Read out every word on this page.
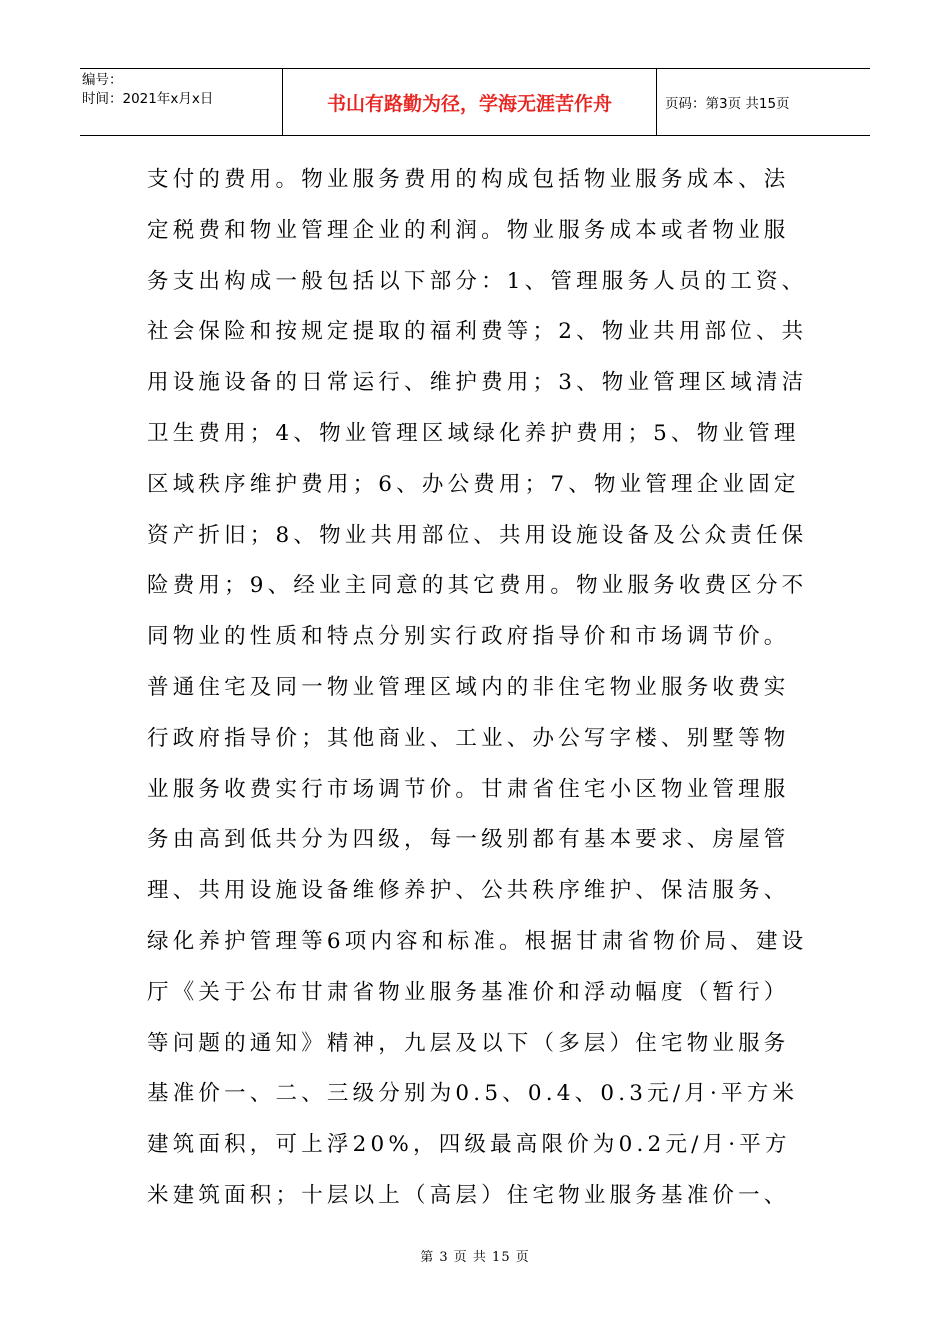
编号：
时间：2021年x月x日	书山有路勤为径，学海无涯苦作舟	页码：第3页 共15页
支付的费用。物业服务费用的构成包括物业服务成本、法
定税费和物业管理企业的利润。物业服务成本或者物业服
务支出构成一般包括以下部分：1、管理服务人员的工资、
社会保险和按规定提取的福利费等；2、物业共用部位、共
用设施设备的日常运行、维护费用；3、物业管理区域清洁
卫生费用；4、物业管理区域绿化养护费用；5、物业管理
区域秩序维护费用；6、办公费用；7、物业管理企业固定
资产折旧；8、物业共用部位、共用设施设备及公众责任保
险费用；9、经业主同意的其它费用。物业服务收费区分不
同物业的性质和特点分别实行政府指导价和市场调节价。
普通住宅及同一物业管理区域内的非住宅物业服务收费实
行政府指导价；其他商业、工业、办公写字楼、别墅等物
业服务收费实行市场调节价。甘肃省住宅小区物业管理服
务由高到低共分为四级，每一级别都有基本要求、房屋管
理、共用设施设备维修养护、公共秩序维护、保洁服务、
绿化养护管理等6项内容和标准。根据甘肃省物价局、建设
厅《关于公布甘肃省物业服务基准价和浮动幅度（暂行）
等问题的通知》精神，九层及以下（多层）住宅物业服务
基准价一、二、三级分别为0.5、0.4、0.3元/月·平方米
建筑面积，可上浮20%，四级最高限价为0.2元/月·平方
米建筑面积；十层以上（高层）住宅物业服务基准价一、
第 3 页 共 15 页
